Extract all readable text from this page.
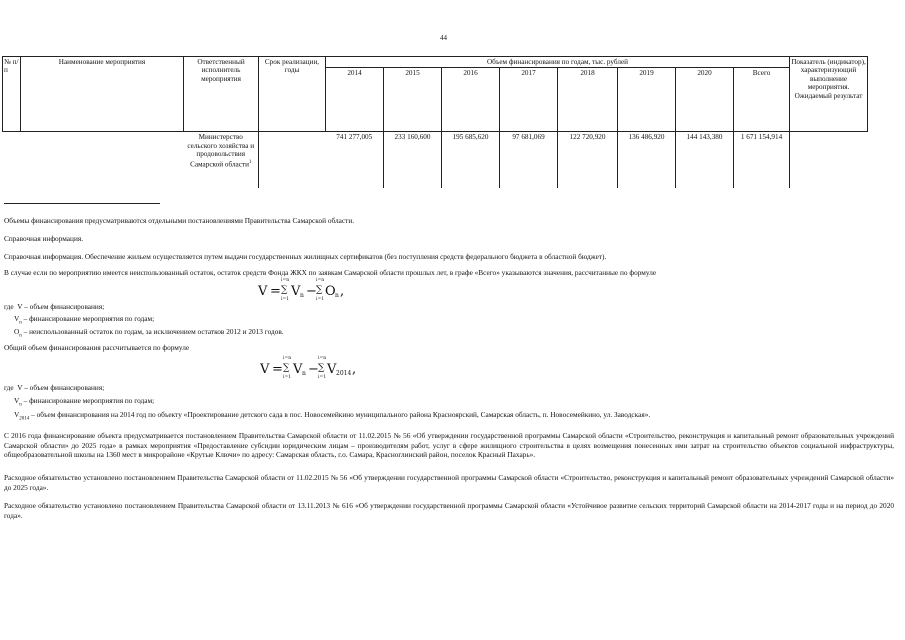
44
№ п/п	Наименование мероприятия	Ответственный исполнитель мероприятия	Срок реализации, годы	Объем финансирования по годам, тыс. рублей								Показатель (индикатор), характеризующий выполнение мероприятия. Ожидаемый результат
				2014	2015	2016	2017	2018	2019	2020	Всего	
		Министерство сельского хозяйства и продовольствия Самарской области$^1$		741 277,005	233 160,600	195 685,620	97 681,069	122 720,920	136 486,920	144 143,380	1 671 154,914	
Объемы финансирования предусматриваются отдельными постановлениями Правительства Самарской области.
Справочная информация.
Справочная информация. Обеспечение жильем осуществляется путем выдачи государственных жилищных сертификатов (без поступления средств федерального бюджета в областной бюджет).
В случае если по мероприятию имеется неиспользованный остаток, остаток средств Фонда ЖКХ по заявкам Самарской области прошлых лет, в графе «Всего» указываются значения, рассчитанные по формуле
V =
i=n
∑
i=1
V n −
i=n
∑
i=1
O n ,
где V – объем финансирования;
$V_n$ – финансирование мероприятия по годам;
$O_n$ – неиспользованный остаток по годам, за исключением остатков 2012 и 2013 годов.
Общий объем финансирования рассчитывается по формуле
V =
i=n
∑
i=1
V n −
i=n
∑
i=1
V 2014 ,
где V – объем финансирования;
$V_n$ – финансирование мероприятия по годам;
$V_{2014}$ – объем финансирования на 2014 год по объекту «Проектирование детского сада в пос. Новосемейкино муниципального района Красноярский, Самарская область, п. Новосемейкино, ул. Заводская».
С 2016 года финансирование объекта предусматривается постановлением Правительства Самарской области от 11.02.2015 № 56 «Об утверждении государственной программы Самарской области «Строительство, реконструкция и капитальный ремонт образовательных учреждений Самарской области» до 2025 года» в рамках мероприятия «Предоставление субсидии юридическим лицам – производителям работ, услуг в сфере жилищного строительства в целях возмещения понесенных ими затрат на строительство объектов социальной инфраструктуры, общеобразовательной школы на 1360 мест в микрорайоне «Крутые Ключи» по адресу: Самарская область, г.о. Самара, Красноглинский район, поселок Красный Пахарь».
Расходное обязательство установлено постановлением Правительства Самарской области от 11.02.2015 № 56 «Об утверждении государственной программы Самарской области «Строительство, реконструкция и капитальный ремонт образовательных учреждений Самарской области» до 2025 года».
Расходное обязательство установлено постановлением Правительства Самарской области от 13.11.2013 № 616 «Об утверждении государственной программы Самарской области «Устойчивое развитие сельских территорий Самарской области на 2014-2017 годы и на период до 2020 года».
